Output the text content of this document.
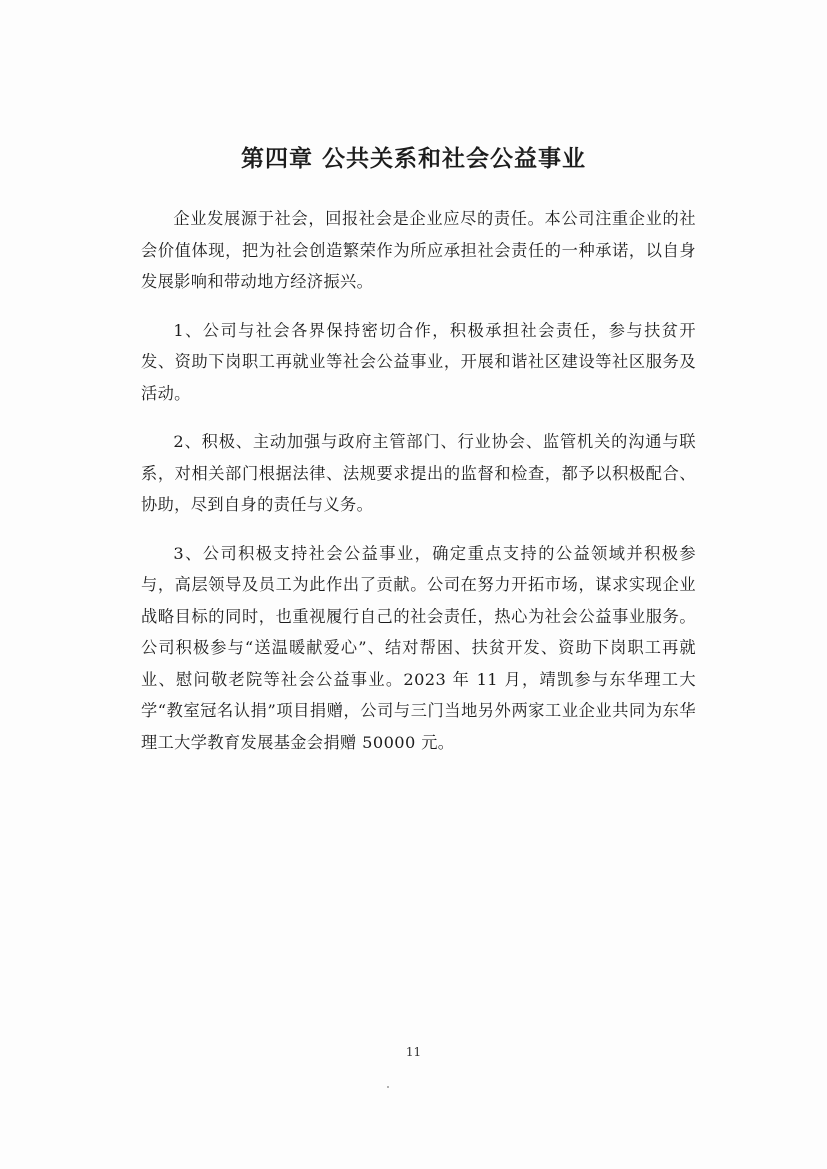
第四章 公共关系和社会公益事业

企业发展源于社会，回报社会是企业应尽的责任。本公司注重企业的社会价值体现，把为社会创造繁荣作为所应承担社会责任的一种承诺，以自身发展影响和带动地方经济振兴。

1、公司与社会各界保持密切合作，积极承担社会责任，参与扶贫开发、资助下岗职工再就业等社会公益事业，开展和谐社区建设等社区服务及活动。

2、积极、主动加强与政府主管部门、行业协会、监管机关的沟通与联系，对相关部门根据法律、法规要求提出的监督和检查，都予以积极配合、协助，尽到自身的责任与义务。

3、公司积极支持社会公益事业，确定重点支持的公益领域并积极参与，高层领导及员工为此作出了贡献。公司在努力开拓市场，谋求实现企业战略目标的同时，也重视履行自己的社会责任，热心为社会公益事业服务。公司积极参与“送温暖献爱心”、结对帮困、扶贫开发、资助下岗职工再就业、慰问敬老院等社会公益事业。2023 年 11 月，靖凯参与东华理工大学“教室冠名认捐”项目捐赠，公司与三门当地另外两家工业企业共同为东华理工大学教育发展基金会捐赠 50000 元。

11
